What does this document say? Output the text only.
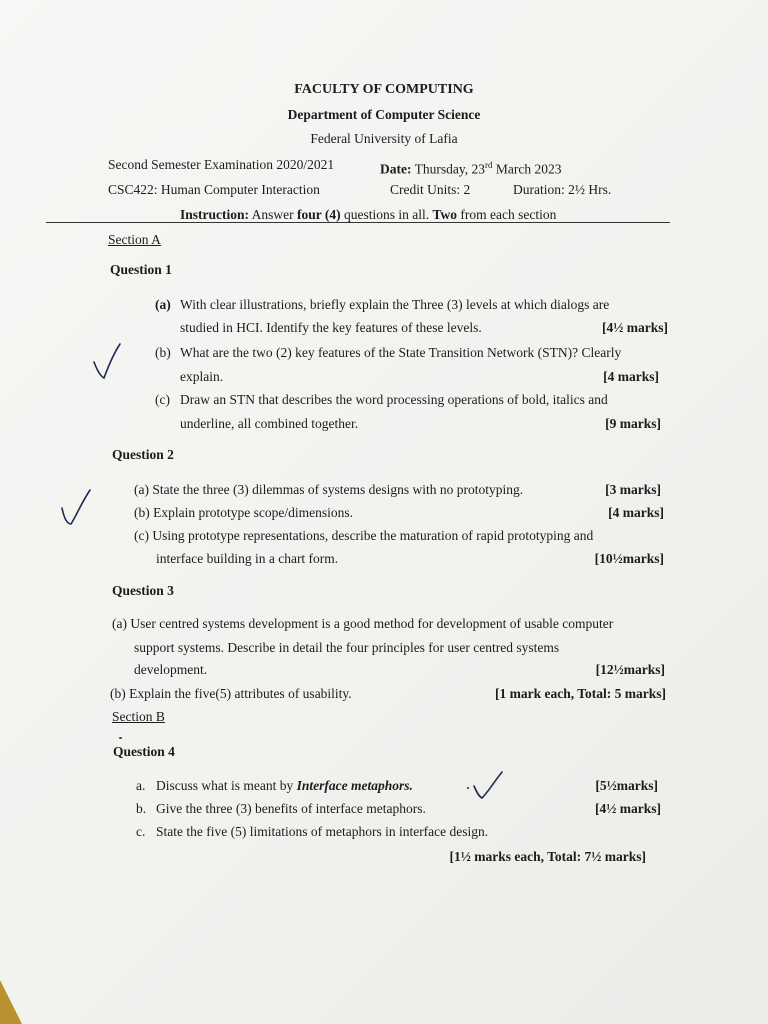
FACULTY OF COMPUTING
Department of Computer Science
Federal University of Lafia
Second Semester Examination 2020/2021	Date: Thursday, 23rd March 2023
CSC422: Human Computer Interaction	Credit Units: 2	Duration: 2½ Hrs.
Instruction: Answer four (4) questions in all. Two from each section
Section A
Question 1
(a) With clear illustrations, briefly explain the Three (3) levels at which dialogs are
studied in HCI. Identify the key features of these levels.	[4½ marks]
(b) What are the two (2) key features of the State Transition Network (STN)? Clearly
explain.	[4 marks]
(c) Draw an STN that describes the word processing operations of bold, italics and
underline, all combined together.	[9 marks]
Question 2
(a) State the three (3) dilemmas of systems designs with no prototyping.	[3 marks]
(b) Explain prototype scope/dimensions.	[4 marks]
(c) Using prototype representations, describe the maturation of rapid prototyping and
interface building in a chart form.	[10½marks]
Question 3
(a) User centred systems development is a good method for development of usable computer
support systems. Describe in detail the four principles for user centred systems
development.	[12½marks]
(b) Explain the five(5) attributes of usability.	[1 mark each, Total: 5 marks]
Section B
Question 4
a. Discuss what is meant by Interface metaphors.	[5½marks]
b. Give the three (3) benefits of interface metaphors.	[4½ marks]
c. State the five (5) limitations of metaphors in interface design.
[1½ marks each, Total: 7½ marks]
